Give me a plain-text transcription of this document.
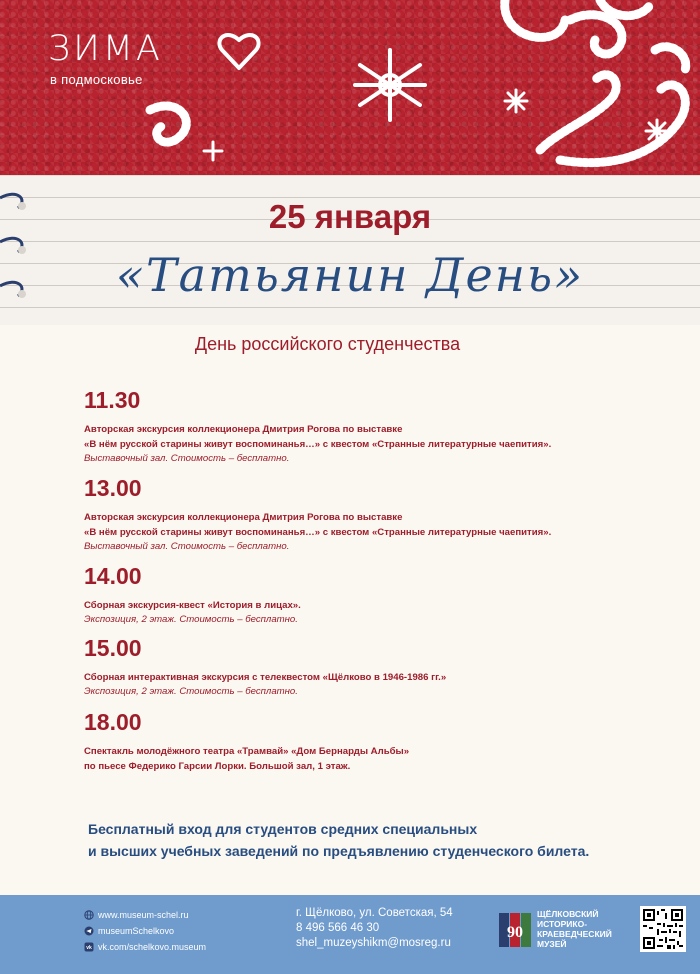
ЗИМА
в подмосковье
25 января
«Татьянин День»
День российского студенчества
11.30
Авторская экскурсия коллекционера Дмитрия Рогова по выставке
«В нём русской старины живут воспоминанья…» с квестом «Странные литературные чаепития».
Выставочный зал. Стоимость – бесплатно.
13.00
Авторская экскурсия коллекционера Дмитрия Рогова по выставке
«В нём русской старины живут воспоминанья…» с квестом «Странные литературные чаепития».
Выставочный зал. Стоимость – бесплатно.
14.00
Сборная экскурсия-квест «История в лицах».
Экспозиция, 2 этаж. Стоимость – бесплатно.
15.00
Сборная интерактивная экскурсия с телеквестом «Щёлково в 1946-1986 гг.»
Экспозиция, 2 этаж. Стоимость – бесплатно.
18.00
Спектакль молодёжного театра «Трамвай» «Дом Бернарды Альбы»
по пьесе Федерико Гарсии Лорки. Большой зал, 1 этаж.
Бесплатный вход для студентов средних специальных
и высших учебных заведений по предъявлению студенческого билета.
www.museum-schel.ru
museumSchelkovo
vk vk.com/schelkovo.museum
г. Щёлково, ул. Советская, 54
8 496 566 46 30
shel_muzeyshikm@mosreg.ru
90
ЩЁЛКОВСКИЙ
ИСТОРИКО-
КРАЕВЕДЧЕСКИЙ
МУЗЕЙ
